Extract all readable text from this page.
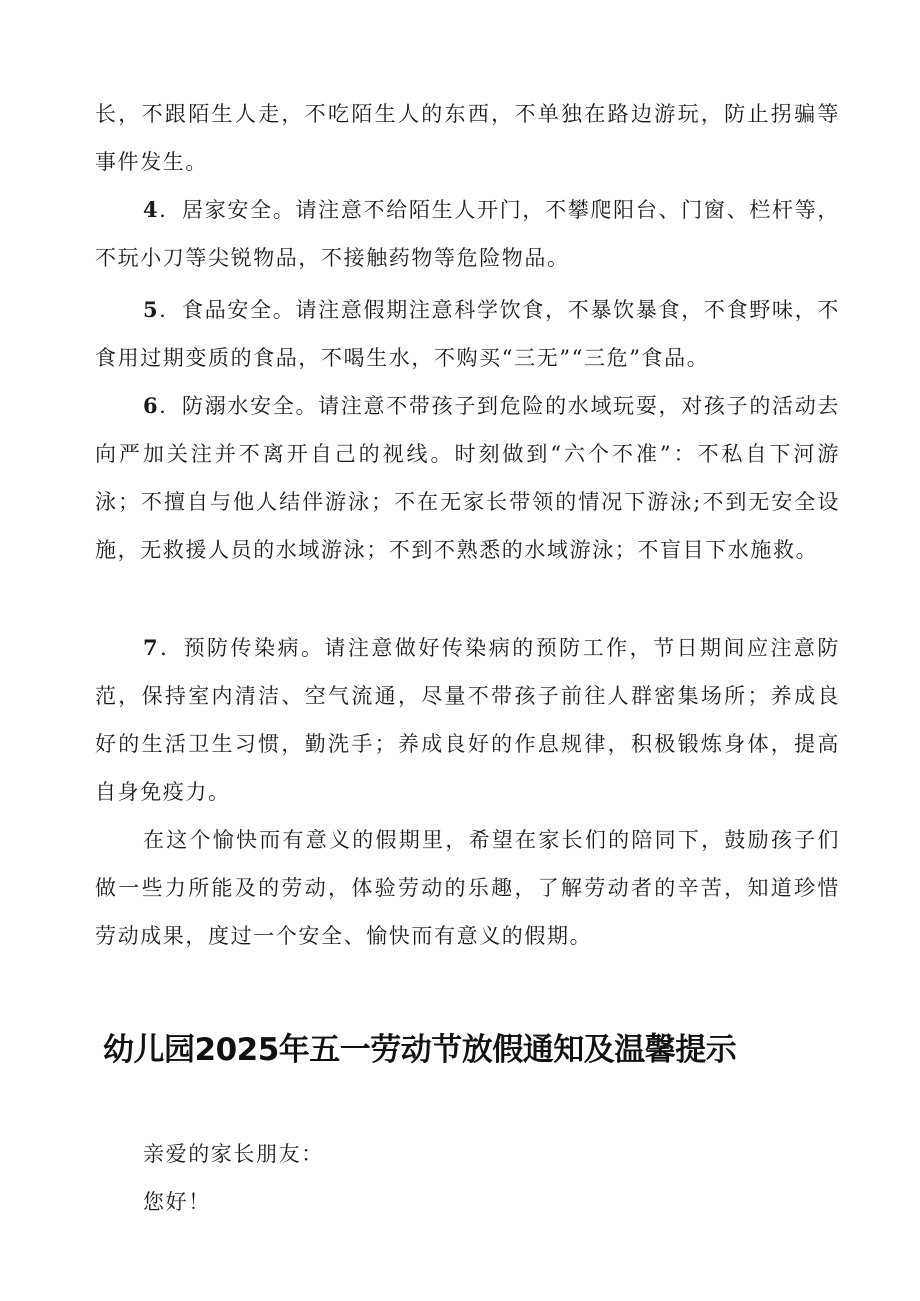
长，不跟陌生人走，不吃陌生人的东西，不单独在路边游玩，防止拐骗等事件发生。

4．居家安全。请注意不给陌生人开门，不攀爬阳台、门窗、栏杆等，不玩小刀等尖锐物品，不接触药物等危险物品。

5．食品安全。请注意假期注意科学饮食，不暴饮暴食，不食野味，不食用过期变质的食品，不喝生水，不购买“三无”“三危”食品。

6．防溺水安全。请注意不带孩子到危险的水域玩耍，对孩子的活动去向严加关注并不离开自己的视线。时刻做到“六个不准”：不私自下河游泳；不擅自与他人结伴游泳；不在无家长带领的情况下游泳;不到无安全设施，无救援人员的水域游泳；不到不熟悉的水域游泳；不盲目下水施救。

7．预防传染病。请注意做好传染病的预防工作，节日期间应注意防范，保持室内清洁、空气流通，尽量不带孩子前往人群密集场所；养成良好的生活卫生习惯，勤洗手；养成良好的作息规律，积极锻炼身体，提高自身免疫力。

在这个愉快而有意义的假期里，希望在家长们的陪同下，鼓励孩子们做一些力所能及的劳动，体验劳动的乐趣，了解劳动者的辛苦，知道珍惜劳动成果，度过一个安全、愉快而有意义的假期。

幼儿园2025年五一劳动节放假通知及温馨提示

亲爱的家长朋友：

您好！
